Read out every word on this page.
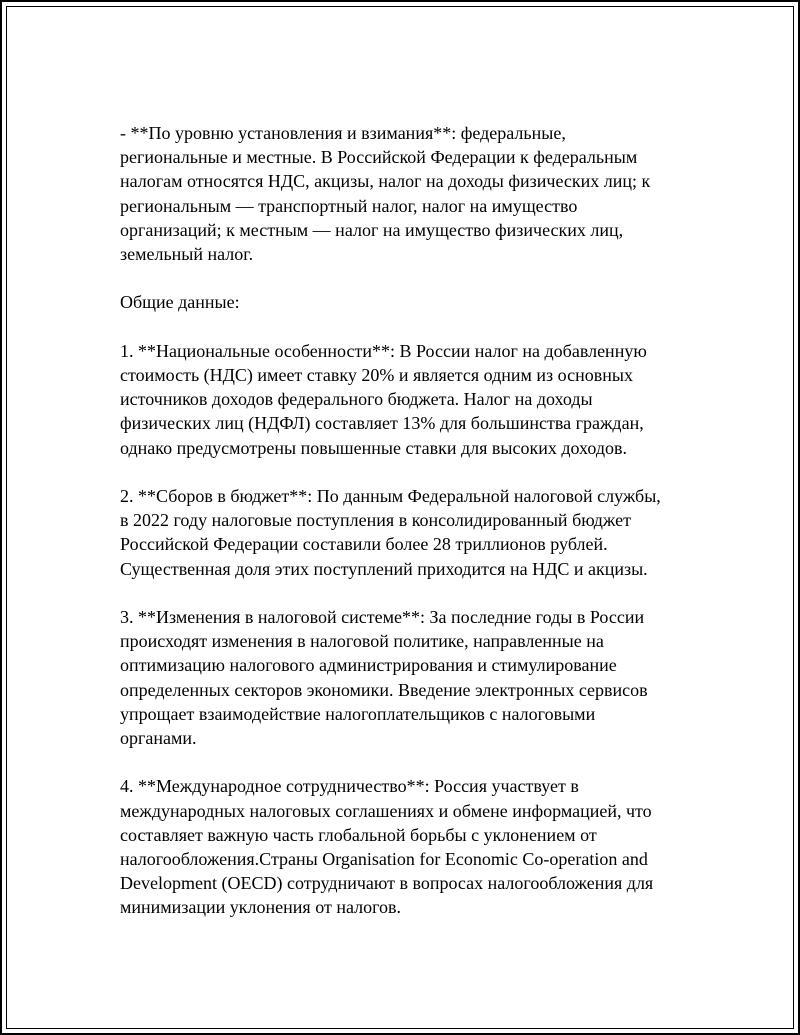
- **По уровню установления и взимания**: федеральные,
региональные и местные. В Российской Федерации к федеральным
налогам относятся НДС, акцизы, налог на доходы физических лиц; к
региональным — транспортный налог, налог на имущество
организаций; к местным — налог на имущество физических лиц,
земельный налог.

Общие данные:

1. **Национальные особенности**: В России налог на добавленную
стоимость (НДС) имеет ставку 20% и является одним из основных
источников доходов федерального бюджета. Налог на доходы
физических лиц (НДФЛ) составляет 13% для большинства граждан,
однако предусмотрены повышенные ставки для высоких доходов.

2. **Сборов в бюджет**: По данным Федеральной налоговой службы,
в 2022 году налоговые поступления в консолидированный бюджет
Российской Федерации составили более 28 триллионов рублей.
Существенная доля этих поступлений приходится на НДС и акцизы.

3. **Изменения в налоговой системе**: За последние годы в России
происходят изменения в налоговой политике, направленные на
оптимизацию налогового администрирования и стимулирование
определенных секторов экономики. Введение электронных сервисов
упрощает взаимодействие налогоплательщиков с налоговыми
органами.

4. **Международное сотрудничество**: Россия участвует в
международных налоговых соглашениях и обмене информацией, что
составляет важную часть глобальной борьбы с уклонением от
налогообложения.Страны Organisation for Economic Co-operation and
Development (OECD) сотрудничают в вопросах налогообложения для
минимизации уклонения от налогов.
